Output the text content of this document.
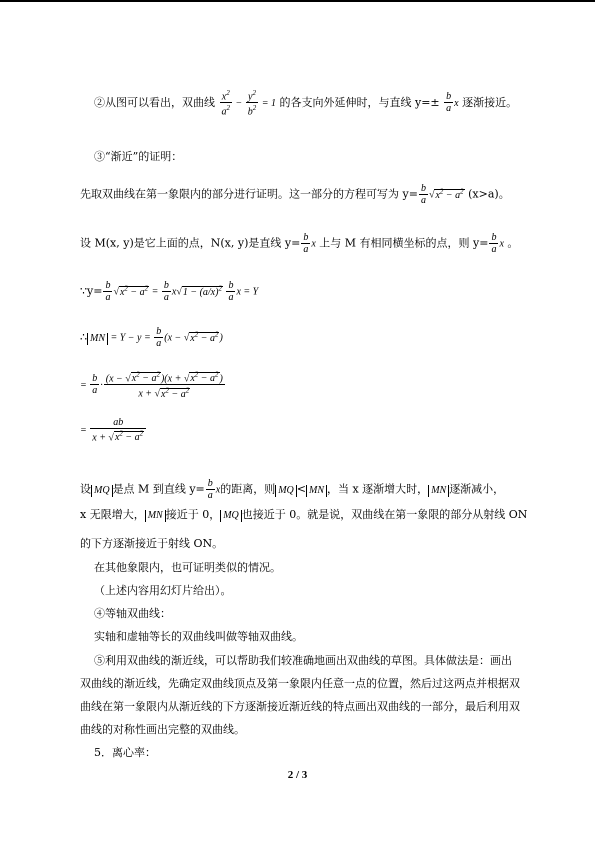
②从图可以看出，双曲线 $\frac{x^2}{a^2} - \frac{y^2}{b^2} = 1$ 的各支向外延伸时，与直线 $y=\pm \frac{b}{a}$ x 逐渐接近。
③“渐近”的证明：
先取双曲线在第一象限内的部分进行证明。这一部分的方程可写为 $y= \frac{b}{a} √x^2 - a^2$ (x>a)。
设 M(x, y)是它上面的点，N(x, y)是直线 $y= \frac{b}{a}$ x 上与 M 有相同横坐标的点，则 $y= \frac{b}{a}$ x 。
∵y= $\frac{b}{a} √x^2 - a^2 = \frac{b}{a} x√1 - (a/x)^2 \frac{b}{a}$ x = Y
∴ MN = $Y - y = \frac{b}{a} (x - √x^2 - a^2)$
= $\frac{b}{a} \cdot \frac{(x - √x^2 - a^2)(x + √x^2 - a^2)}{x + √x^2 - a^2}$
= $\frac{ab}{x + √x^2 - a^2}$
设 MQ 是点 M 到直线 $y= \frac{b}{a}$ x的距离，则 MQ < MN ，当 x 逐渐增大时， MN 逐渐减小，
x 无限增大， MN 接近于 0， MQ 也接近于 0。就是说，双曲线在第一象限的部分从射线 ON
的下方逐渐接近于射线 ON。
在其他象限内，也可证明类似的情况。
（上述内容用幻灯片给出）。
④等轴双曲线：
实轴和虚轴等长的双曲线叫做等轴双曲线。
⑤利用双曲线的渐近线，可以帮助我们较准确地画出双曲线的草图。具体做法是：画出
双曲线的渐近线，先确定双曲线顶点及第一象限内任意一点的位置，然后过这两点并根据双
曲线在第一象限内从渐近线的下方逐渐接近渐近线的特点画出双曲线的一部分，最后利用双
曲线的对称性画出完整的双曲线。
5．离心率：
2 / 3
